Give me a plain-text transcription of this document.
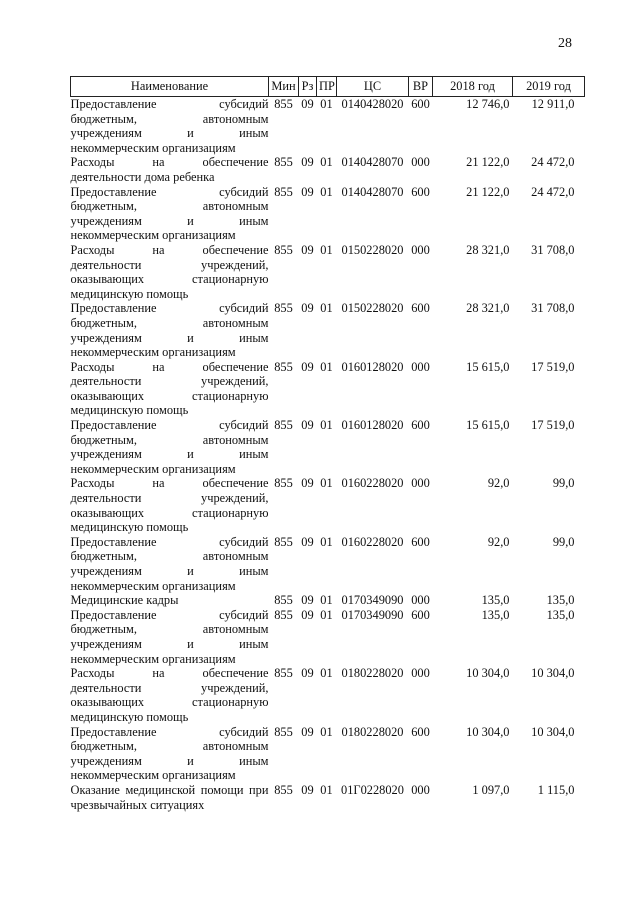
28
Наименование	Мин	Рз	ПР	ЦС	ВР	2018 год	2019 год
Предоставление субсидий бюджетным, автономным учреждениям и иным некоммерческим организациям	855	09	01	0140428020	600	12 746,0	12 911,0
Расходы на обеспечение деятельности дома ребенка	855	09	01	0140428070	000	21 122,0	24 472,0
Предоставление субсидий бюджетным, автономным учреждениям и иным некоммерческим организациям	855	09	01	0140428070	600	21 122,0	24 472,0
Расходы на обеспечение деятельности учреждений, оказывающих стационарную медицинскую помощь	855	09	01	0150228020	000	28 321,0	31 708,0
Предоставление субсидий бюджетным, автономным учреждениям и иным некоммерческим организациям	855	09	01	0150228020	600	28 321,0	31 708,0
Расходы на обеспечение деятельности учреждений, оказывающих стационарную медицинскую помощь	855	09	01	0160128020	000	15 615,0	17 519,0
Предоставление субсидий бюджетным, автономным учреждениям и иным некоммерческим организациям	855	09	01	0160128020	600	15 615,0	17 519,0
Расходы на обеспечение деятельности учреждений, оказывающих стационарную медицинскую помощь	855	09	01	0160228020	000	92,0	99,0
Предоставление субсидий бюджетным, автономным учреждениям и иным некоммерческим организациям	855	09	01	0160228020	600	92,0	99,0
Медицинские кадры	855	09	01	0170349090	000	135,0	135,0
Предоставление субсидий бюджетным, автономным учреждениям и иным некоммерческим организациям	855	09	01	0170349090	600	135,0	135,0
Расходы на обеспечение деятельности учреждений, оказывающих стационарную медицинскую помощь	855	09	01	0180228020	000	10 304,0	10 304,0
Предоставление субсидий бюджетным, автономным учреждениям и иным некоммерческим организациям	855	09	01	0180228020	600	10 304,0	10 304,0
Оказание медицинской помощи при чрезвычайных ситуациях	855	09	01	01Г0228020	000	1 097,0	1 115,0
